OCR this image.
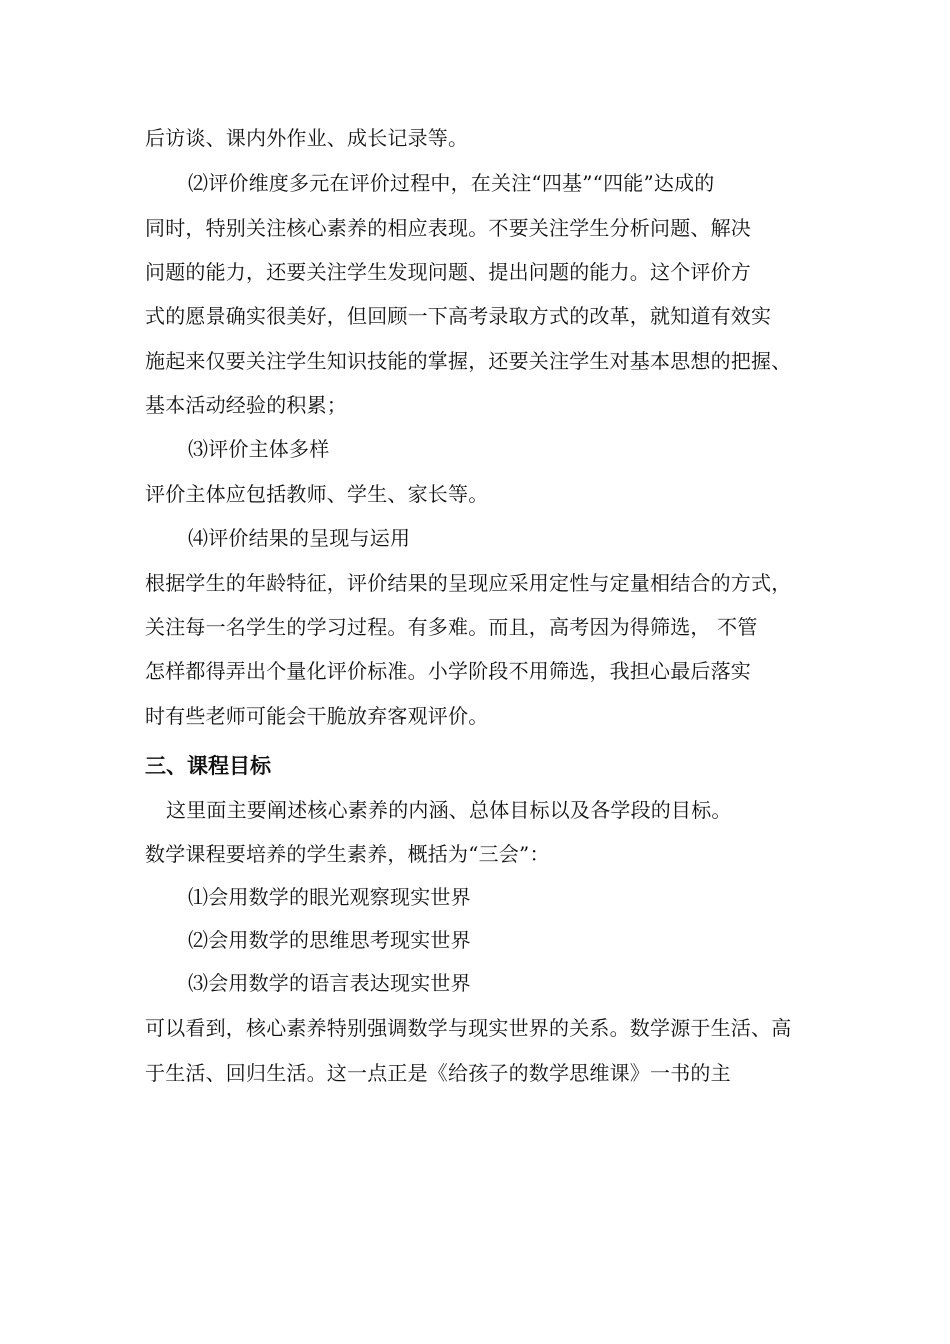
后访谈、课内外作业、成长记录等。
⑵评价维度多元在评价过程中，在关注“四基”“四能”达成的
同时，特别关注核心素养的相应表现。不要关注学生分析问题、解决
问题的能力，还要关注学生发现问题、提出问题的能力。这个评价方
式的愿景确实很美好，但回顾一下高考录取方式的改革，就知道有效实
施起来仅要关注学生知识技能的掌握，还要关注学生对基本思想的把握、
基本活动经验的积累；
⑶评价主体多样
评价主体应包括教师、学生、家长等。
⑷评价结果的呈现与运用
根据学生的年龄特征，评价结果的呈现应采用定性与定量相结合的方式，
关注每一名学生的学习过程。有多难。而且，高考因为得筛选， 不管
怎样都得弄出个量化评价标准。小学阶段不用筛选，我担心最后落实
时有些老师可能会干脆放弃客观评价。
三、课程目标
这里面主要阐述核心素养的内涵、总体目标以及各学段的目标。
数学课程要培养的学生素养，概括为“三会”：
⑴会用数学的眼光观察现实世界
⑵会用数学的思维思考现实世界
⑶会用数学的语言表达现实世界
可以看到，核心素养特别强调数学与现实世界的关系。数学源于生活、高
于生活、回归生活。这一点正是《给孩子的数学思维课》一书的主
